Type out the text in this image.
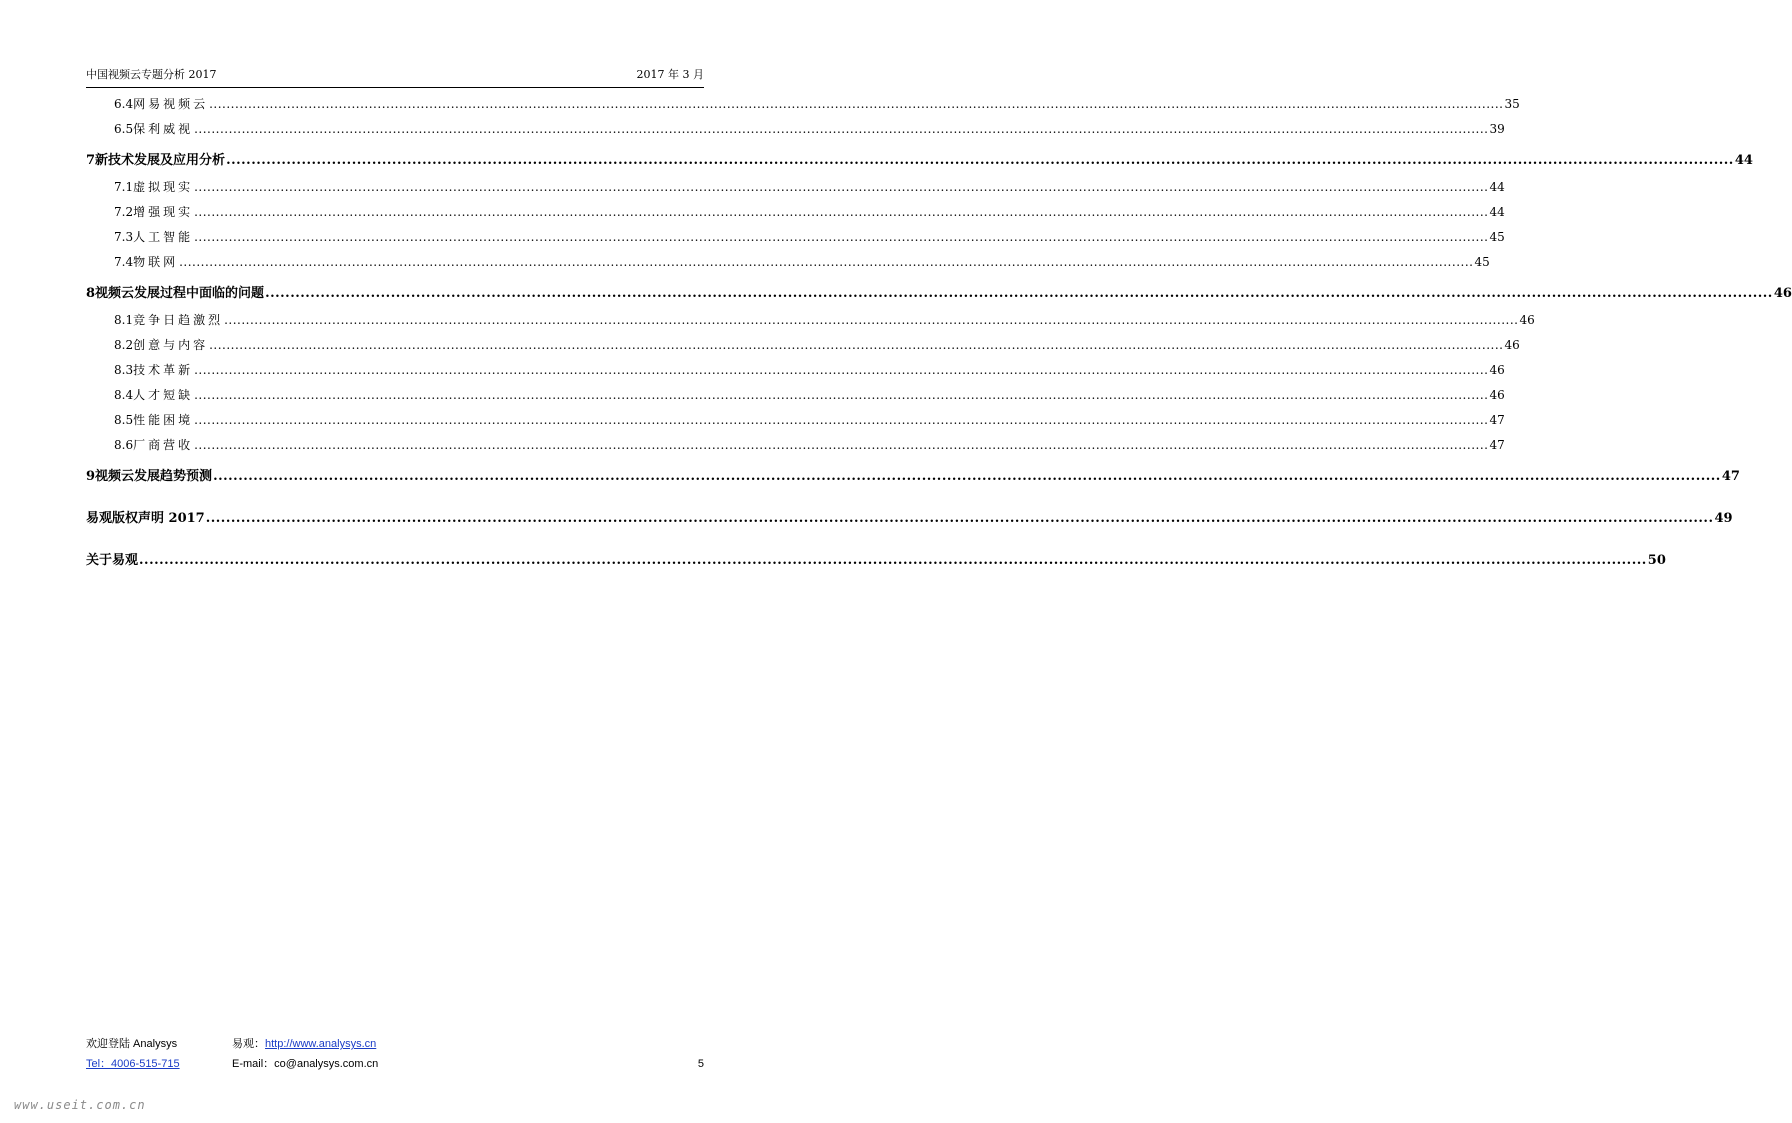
中国视频云专题分析 2017	2017 年 3 月
6.4 网易视频云 ............................................................................................................................................................................................................................................................................................................ 35
6.5 保利威视 ............................................................................................................................................................................................................................................................................................................ 39
7 新技术发展及应用分析 ............................................................................................................................................................................................................................................................................................................ 44
7.1 虚拟现实 ............................................................................................................................................................................................................................................................................................................ 44
7.2 增强现实 ............................................................................................................................................................................................................................................................................................................ 44
7.3 人工智能 ............................................................................................................................................................................................................................................................................................................ 45
7.4 物联网 ............................................................................................................................................................................................................................................................................................................ 45
8 视频云发展过程中面临的问题 ............................................................................................................................................................................................................................................................................................................ 46
8.1 竞争日趋激烈 ............................................................................................................................................................................................................................................................................................................ 46
8.2 创意与内容 ............................................................................................................................................................................................................................................................................................................ 46
8.3 技术革新 ............................................................................................................................................................................................................................................................................................................ 46
8.4 人才短缺 ............................................................................................................................................................................................................................................................................................................ 46
8.5 性能困境 ............................................................................................................................................................................................................................................................................................................ 47
8.6 厂商营收 ............................................................................................................................................................................................................................................................................................................ 47
9 视频云发展趋势预测 ............................................................................................................................................................................................................................................................................................................ 47
易观版权声明 2017 ............................................................................................................................................................................................................................................................................................................ 49
关于易观 ............................................................................................................................................................................................................................................................................................................ 50
欢迎登陆 Analysys	易观：http://www.analysys.cn
Tel：4006-515-715	E-mail：co@analysys.com.cn	5
www.useit.com.cn
